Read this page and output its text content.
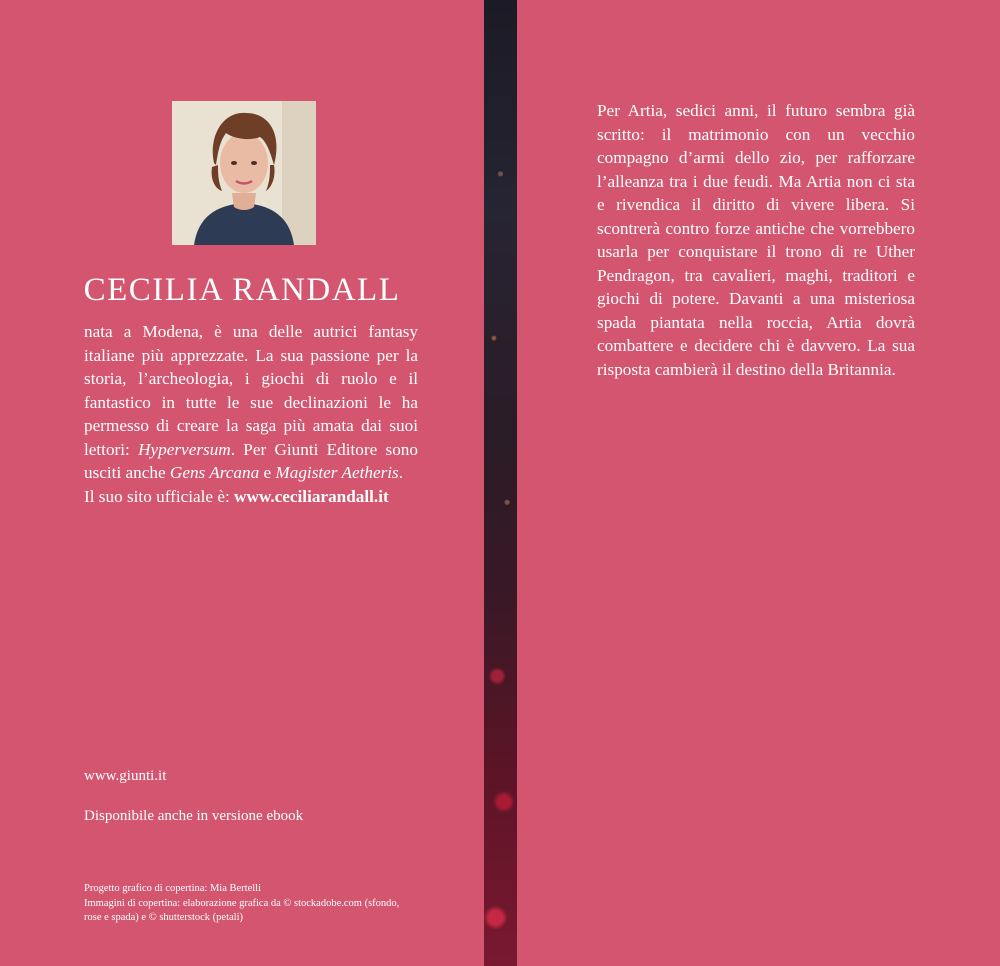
CECILIA RANDALL
nata a Modena, è una delle autrici fantasy italiane più apprezzate. La sua passione per la storia, l’archeologia, i giochi di ruolo e il fantastico in tutte le sue declinazioni le ha permesso di creare la saga più amata dai suoi lettori: Hyperversum. Per Giunti Editore sono usciti anche Gens Arcana e Magister Aetheris.
Il suo sito ufficiale è: www.ceciliarandall.it
www.giunti.it
Disponibile anche in versione ebook
Progetto grafico di copertina: Mia Bertelli
Immagini di copertina: elaborazione grafica da © stockadobe.com (sfondo, rose e spada) e © shutterstock (petali)
Per Artia, sedici anni, il futuro sembra già scritto: il matrimonio con un vecchio compagno d’armi dello zio, per rafforzare l’alleanza tra i due feudi. Ma Artia non ci sta e rivendica il diritto di vivere libera. Si scontrerà contro forze antiche che vorrebbero usarla per conquistare il trono di re Uther Pendragon, tra cavalieri, maghi, traditori e giochi di potere. Davanti a una misteriosa spada piantata nella roccia, Artia dovrà combattere e decidere chi è davvero. La sua risposta cambierà il destino della Britannia.
